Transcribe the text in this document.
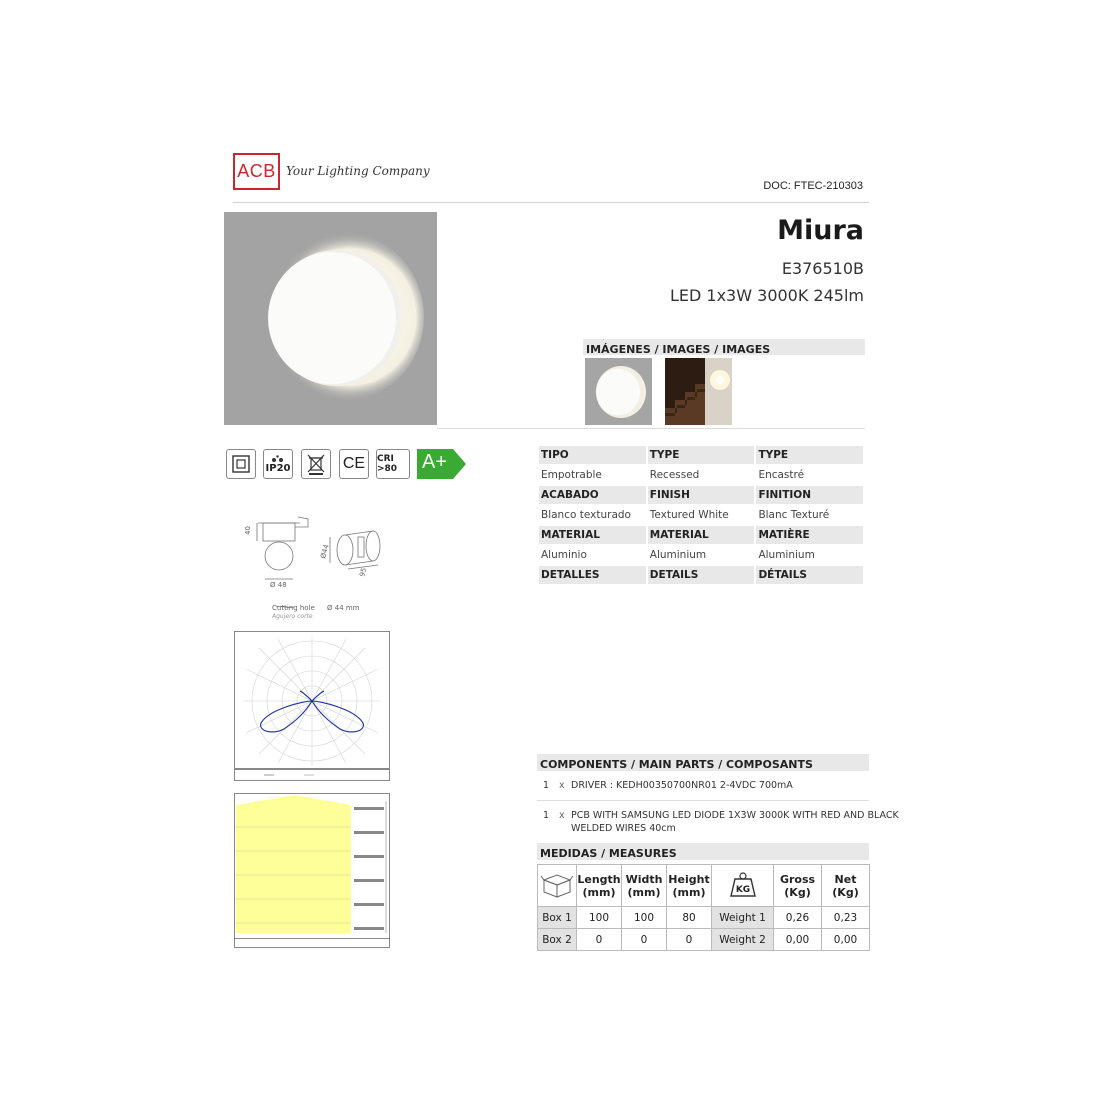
ACB Your Lighting Company
DOC: FTEC-210303
Miura
E376510B
LED 1x3W 3000K 245lm
IMÁGENES / IMAGES / IMAGES
IP20	CE CRI >80	A+	TIPO	TYPE	TYPE
Empotrable	Recessed	Encastré
ACABADO	FINISH	FINITION
Blanco texturado	Textured White	Blanc Texturé
MATERIAL	MATERIAL	MATIÈRE
Aluminio	Aluminium	Aluminium
DETALLES	DETAILS	DÉTAILS
40
Ø 48
Ø44
95
Cutting hole Ø 44 mm
Agujero corte
COMPONENTS / MAIN PARTS / COMPOSANTS
1 x DRIVER : KEDH00350700NR01 2-4VDC 700mA
1 x PCB WITH SAMSUNG LED DIODE 1X3W 3000K WITH RED AND BLACK
WELDED WIRES 40cm
MEDIDAS / MEASURES
	Length (mm)	Width (mm)	Height (mm)	KG	Gross (Kg)	Net (Kg)
Box 1	100	100	80	Weight 1	0,26	0,23
Box 2	0	0	0	Weight 2	0,00	0,00
